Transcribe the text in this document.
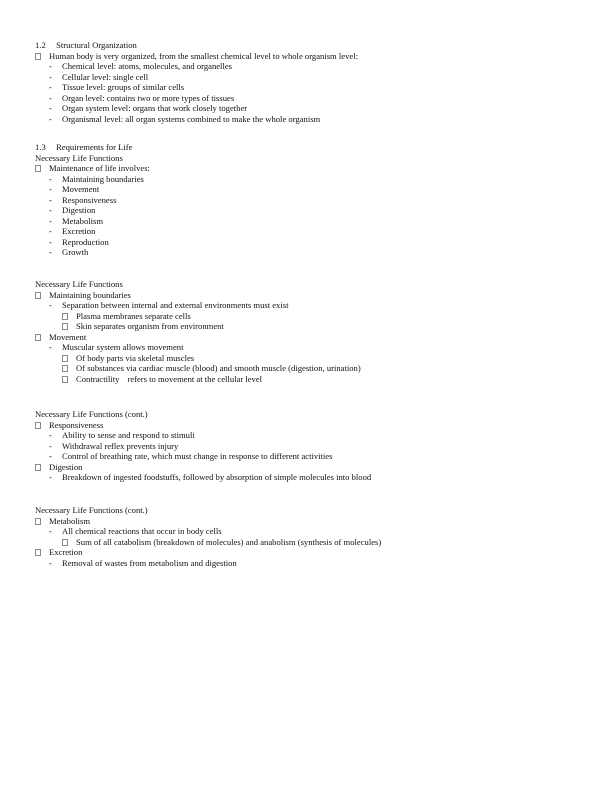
1.2 Structural Organization
Human body is very organized, from the smallest chemical level to whole organism level:
- Chemical level: atoms, molecules, and organelles
- Cellular level: single cell
- Tissue level: groups of similar cells
- Organ level: contains two or more types of tissues
- Organ system level: organs that work closely together
- Organismal level: all organ systems combined to make the whole organism
1.3 Requirements for Life
Necessary Life Functions
Maintenance of life involves:
- Maintaining boundaries
- Movement
- Responsiveness
- Digestion
- Metabolism
- Excretion
- Reproduction
- Growth
Necessary Life Functions
Maintaining boundaries
- Separation between internal and external environments must exist
Plasma membranes separate cells
Skin separates organism from environment
Movement
- Muscular system allows movement
Of body parts via skeletal muscles
Of substances via cardiac muscle (blood) and smooth muscle (digestion, urination)
Contractility refers to movement at the cellular level
Necessary Life Functions (cont.)
Responsiveness
- Ability to sense and respond to stimuli
- Withdrawal reflex prevents injury
- Control of breathing rate, which must change in response to different activities
Digestion
- Breakdown of ingested foodstuffs, followed by absorption of simple molecules into blood
Necessary Life Functions (cont.)
Metabolism
- All chemical reactions that occur in body cells
Sum of all catabolism (breakdown of molecules) and anabolism (synthesis of molecules)
Excretion
- Removal of wastes from metabolism and digestion
